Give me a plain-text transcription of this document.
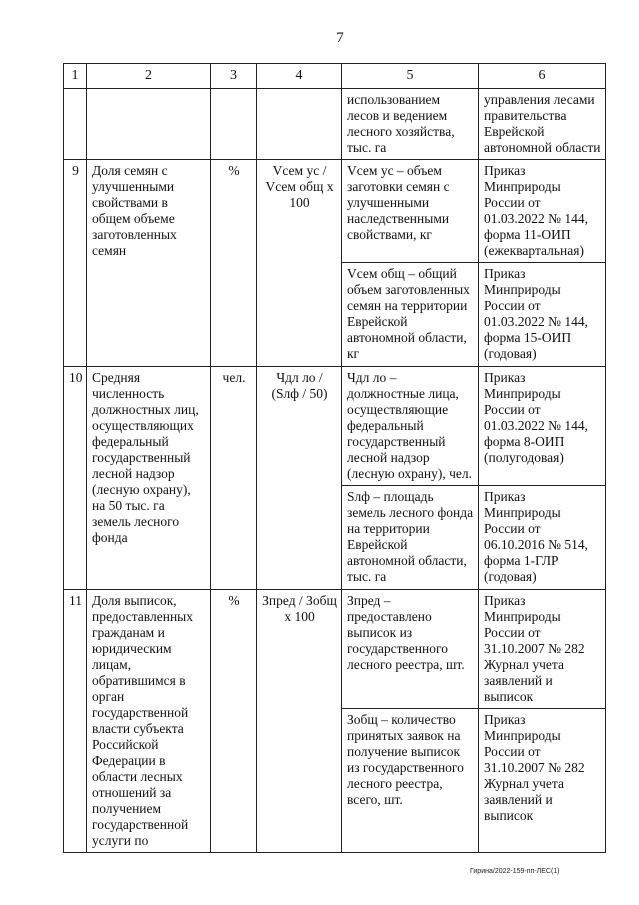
7
1	2	3	4	5	6
				использованием лесов и ведением лесного хозяйства, тыс. га	управления лесами правительства Еврейской автономной области
9	Доля семян с улучшенными свойствами в общем объеме заготовленных семян	%	Vсем ус / Vсем общ x 100	Vсем ус – объем заготовки семян с улучшенными наследственными свойствами, кг	Приказ Минприроды России от 01.03.2022 № 144, форма 11-ОИП (ежеквартальная)
				Vсем общ – общий объем заготовленных семян на территории Еврейской автономной области, кг	Приказ Минприроды России от 01.03.2022 № 144, форма 15-ОИП (годовая)
10	Средняя численность должностных лиц, осуществляющих федеральный государственный лесной надзор (лесную охрану), на 50 тыс. га земель лесного фонда	чел.	Чдл ло / (Sлф / 50)	Чдл ло – должностные лица, осуществляющие федеральный государственный лесной надзор (лесную охрану), чел.	Приказ Минприроды России от 01.03.2022 № 144, форма 8-ОИП (полугодовая)
				Sлф – площадь земель лесного фонда на территории Еврейской автономной области, тыс. га	Приказ Минприроды России от 06.10.2016 № 514, форма 1-ГЛР (годовая)
11	Доля выписок, предоставленных гражданам и юридическим лицам, обратившимся в орган государственной власти субъекта Российской Федерации в области лесных отношений за получением государственной услуги по	%	Зпред / Зобщ x 100	Зпред – предоставлено выписок из государственного лесного реестра, шт.	Приказ Минприроды России от 31.10.2007 № 282 Журнал учета заявлений и выписок
				Зобщ – количество принятых заявок на получение выписок из государственного лесного реестра, всего, шт.	Приказ Минприроды России от 31.10.2007 № 282 Журнал учета заявлений и выписок
Гирина/2022-159-пп-ЛЕС(1)
